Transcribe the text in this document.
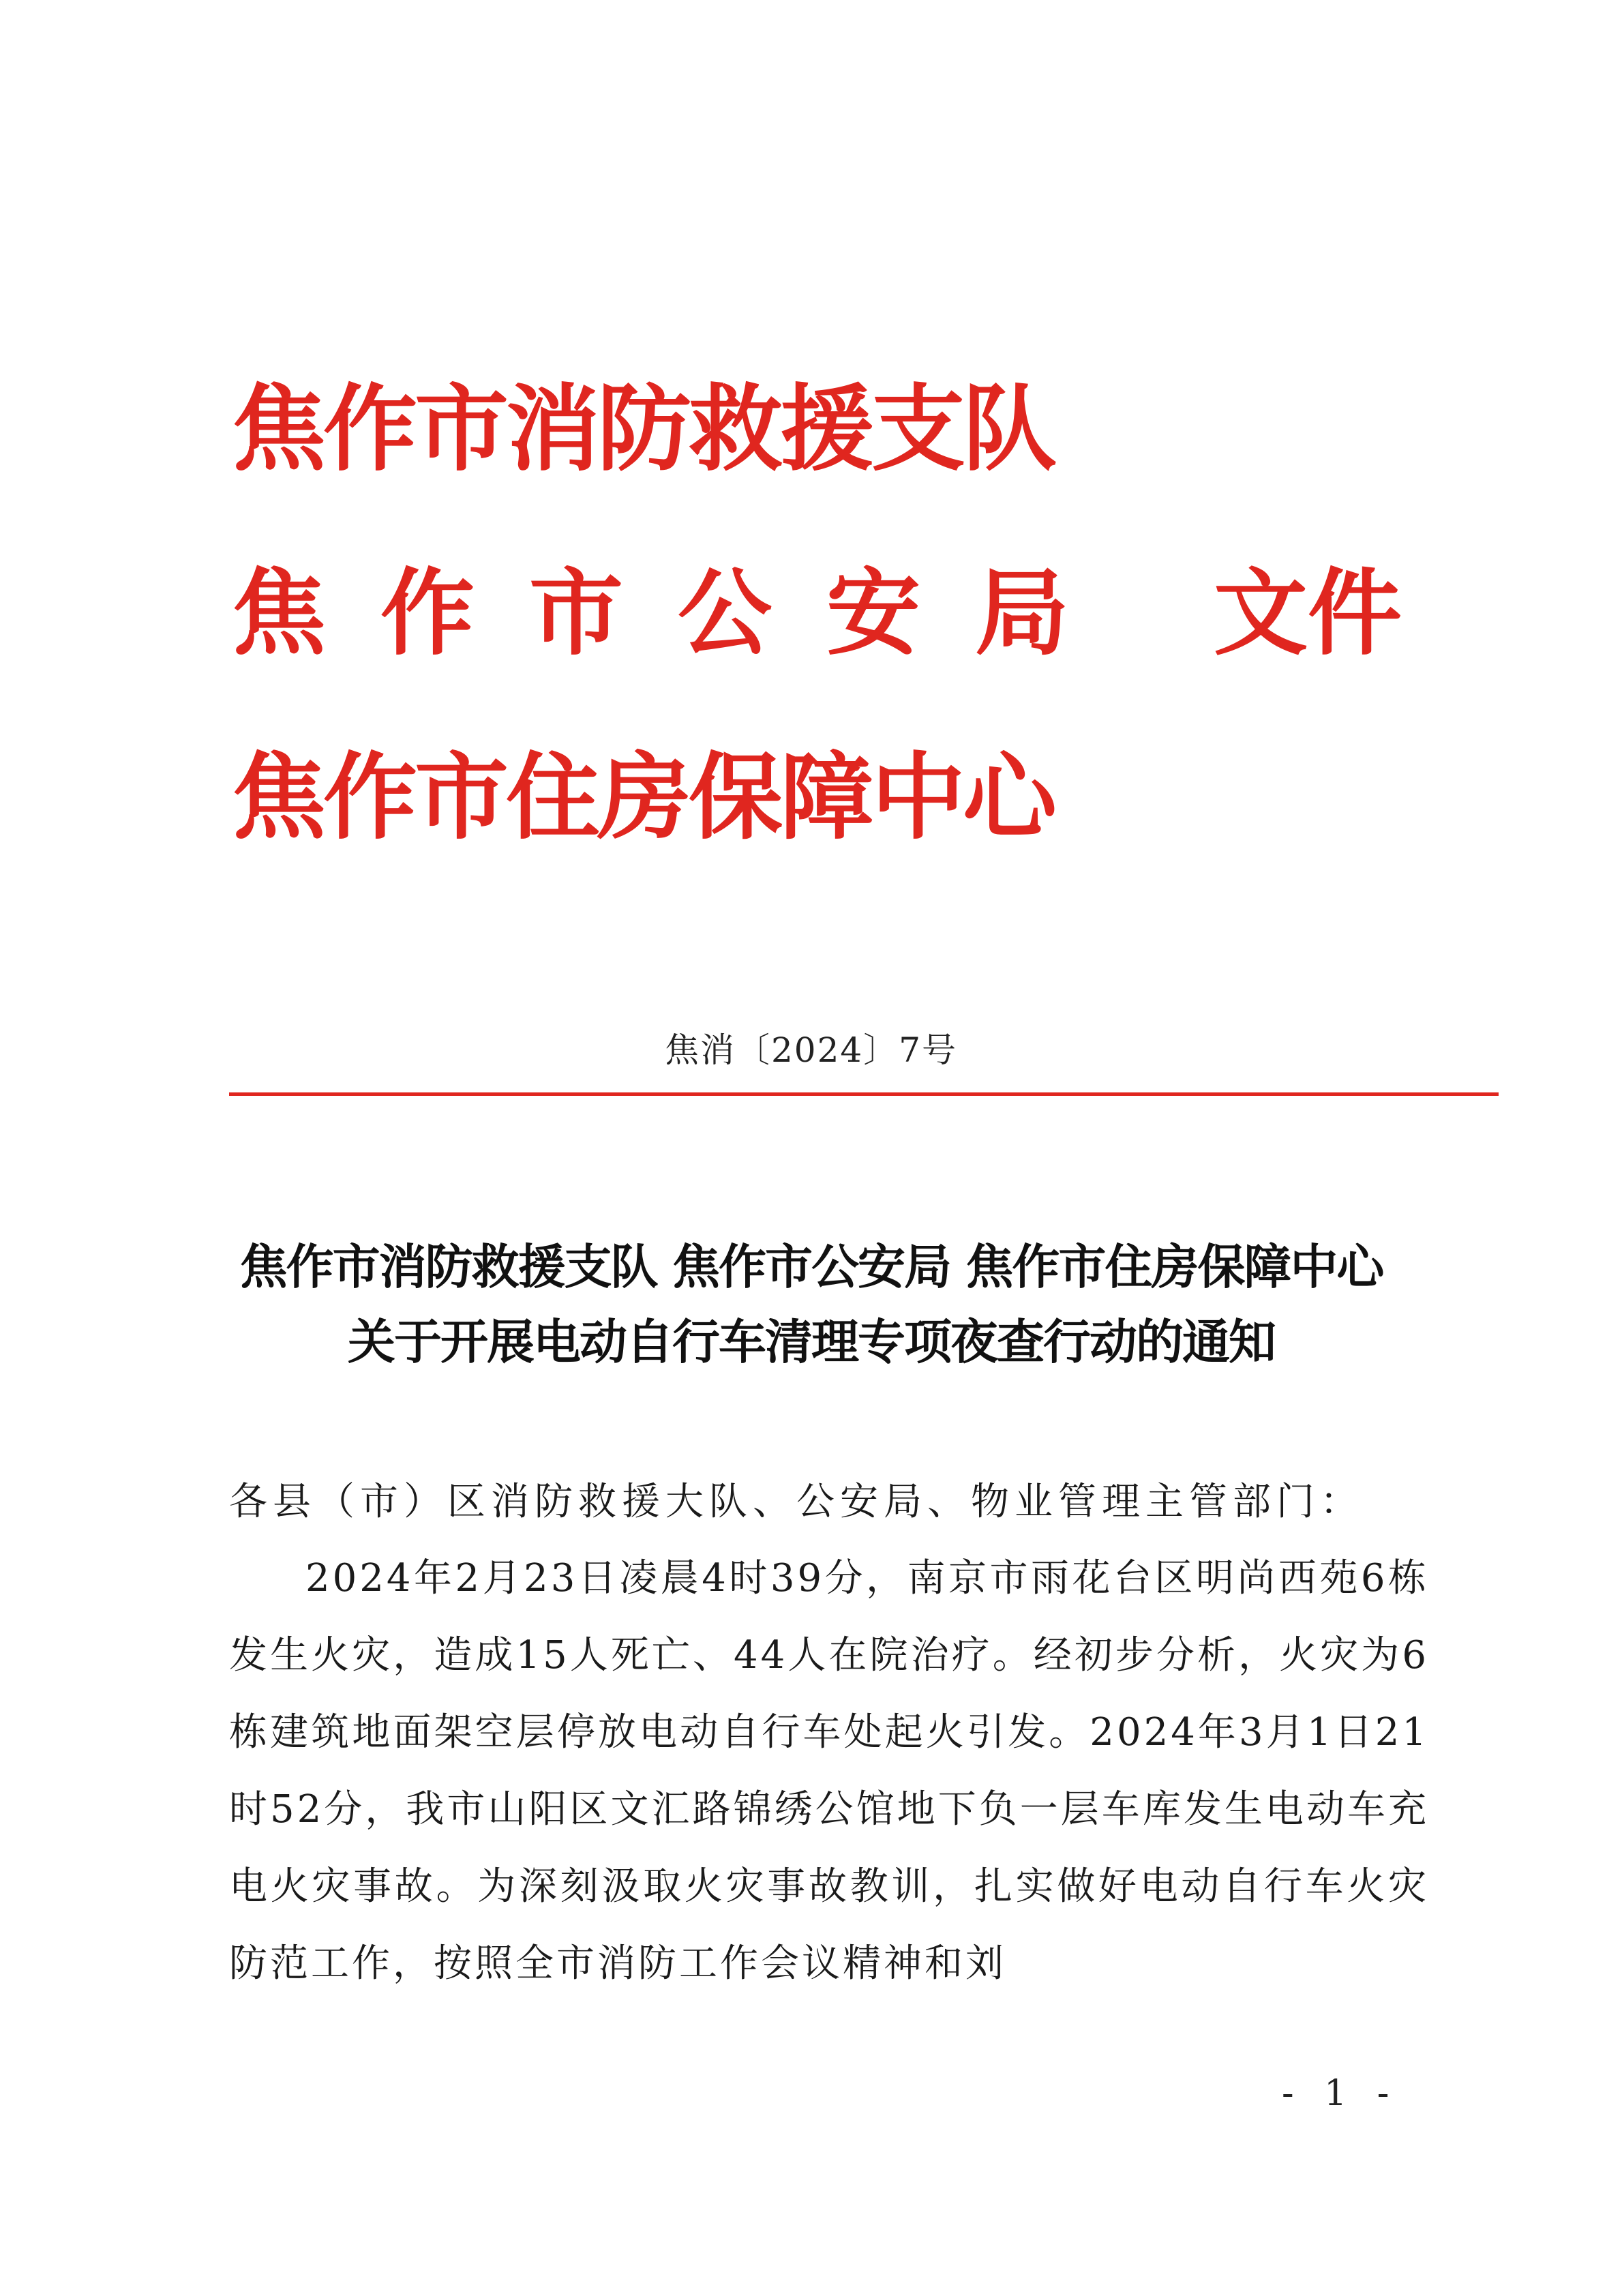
焦作市消防救援支队
焦作市公安局 文件
焦作市住房保障中心
焦消〔2024〕7号
焦作市消防救援支队 焦作市公安局 焦作市住房保障中心
关于开展电动自行车清理专项夜查行动的通知
各县（市）区消防救援大队、公安局、物业管理主管部门：
2024年2月23日凌晨4时39分，南京市雨花台区明尚西苑6栋发生火灾，造成15人死亡、44人在院治疗。经初步分析，火灾为6栋建筑地面架空层停放电动自行车处起火引发。2024年3月1日21时52分，我市山阳区文汇路锦绣公馆地下负一层车库发生电动车充电火灾事故。为深刻汲取火灾事故教训，扎实做好电动自行车火灾防范工作，按照全市消防工作会议精神和刘
- 1 -
